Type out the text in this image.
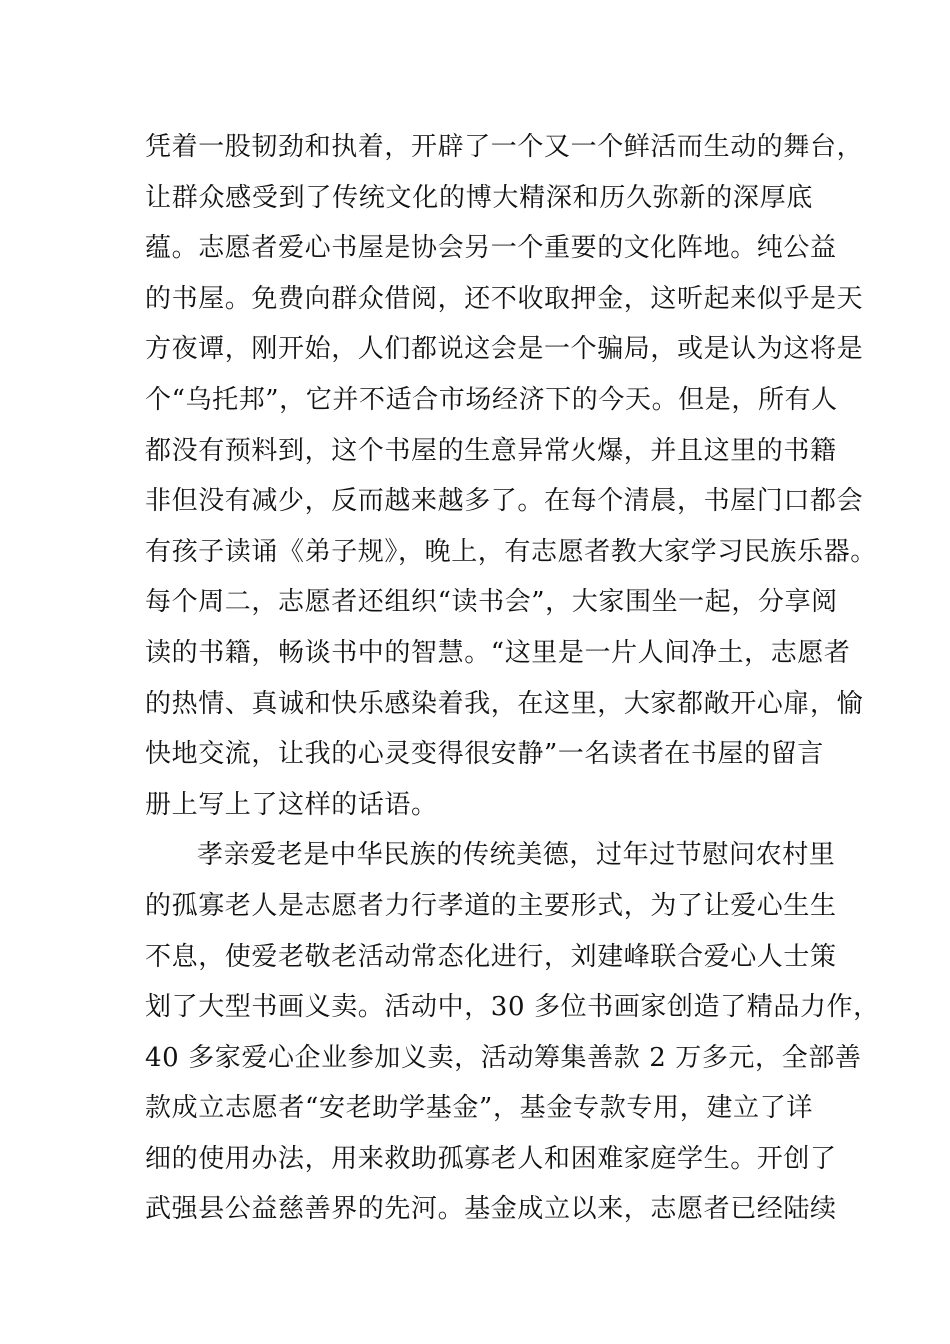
凭着一股韧劲和执着，开辟了一个又一个鲜活而生动的舞台，
让群众感受到了传统文化的博大精深和历久弥新的深厚底
蕴。志愿者爱心书屋是协会另一个重要的文化阵地。纯公益
的书屋。免费向群众借阅，还不收取押金，这听起来似乎是天
方夜谭，刚开始，人们都说这会是一个骗局，或是认为这将是
个“乌托邦”，它并不适合市场经济下的今天。但是，所有人
都没有预料到，这个书屋的生意异常火爆，并且这里的书籍
非但没有减少，反而越来越多了。在每个清晨，书屋门口都会
有孩子读诵《弟子规》，晚上，有志愿者教大家学习民族乐器。
每个周二，志愿者还组织“读书会”，大家围坐一起，分享阅
读的书籍，畅谈书中的智慧。“这里是一片人间净土，志愿者
的热情、真诚和快乐感染着我，在这里，大家都敞开心扉，愉
快地交流，让我的心灵变得很安静”一名读者在书屋的留言
册上写上了这样的话语。
孝亲爱老是中华民族的传统美德，过年过节慰问农村里
的孤寡老人是志愿者力行孝道的主要形式，为了让爱心生生
不息，使爱老敬老活动常态化进行，刘建峰联合爱心人士策
划了大型书画义卖。活动中，30 多位书画家创造了精品力作，
40 多家爱心企业参加义卖，活动筹集善款 2 万多元，全部善
款成立志愿者“安老助学基金”，基金专款专用，建立了详
细的使用办法，用来救助孤寡老人和困难家庭学生。开创了
武强县公益慈善界的先河。基金成立以来，志愿者已经陆续
